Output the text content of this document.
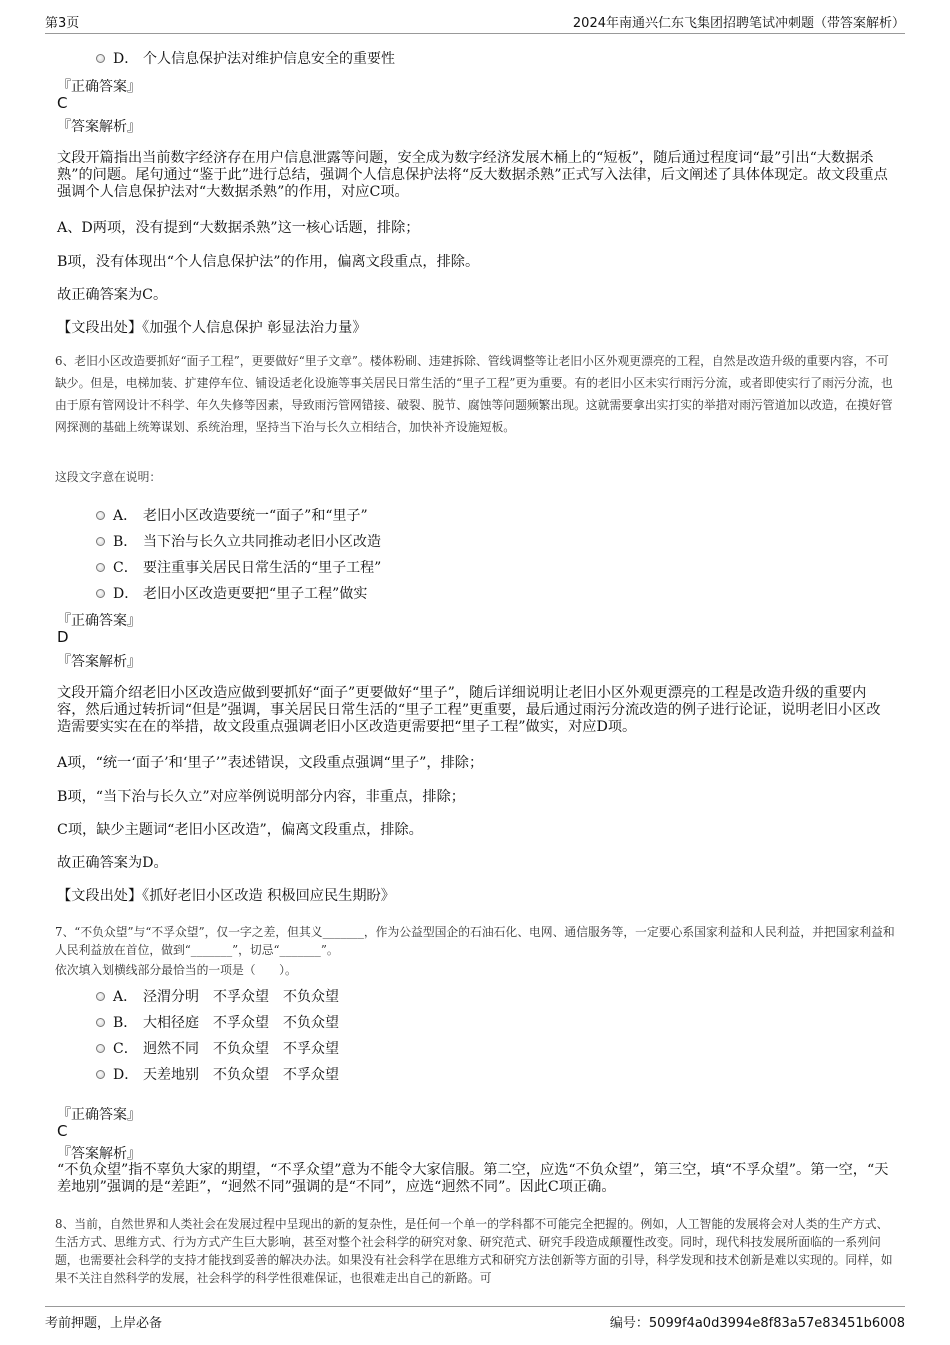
第3页	2024年南通兴仁东飞集团招聘笔试冲刺题（带答案解析）
D． 个人信息保护法对维护信息安全的重要性
『正确答案』
C
『答案解析』
文段开篇指出当前数字经济存在用户信息泄露等问题，安全成为数字经济发展木桶上的“短板”，随后通过程度词“最”引出“大数据杀熟”的问题。尾句通过“鉴于此”进行总结，强调个人信息保护法将“反大数据杀熟”正式写入法律，后文阐述了具体体现定。故文段重点强调个人信息保护法对“大数据杀熟”的作用，对应C项。
A、D两项，没有提到“大数据杀熟”这一核心话题，排除；
B项，没有体现出“个人信息保护法”的作用，偏离文段重点，排除。
故正确答案为C。
【文段出处】《加强个人信息保护 彰显法治力量》
6、老旧小区改造要抓好“面子工程”，更要做好“里子文章”。楼体粉刷、违建拆除、管线调整等让老旧小区外观更漂亮的工程，自然是改造升级的重要内容，不可缺少。但是，电梯加装、扩建停车位、铺设适老化设施等事关居民日常生活的“里子工程”更为重要。有的老旧小区未实行雨污分流，或者即使实行了雨污分流，也由于原有管网设计不科学、年久失修等因素，导致雨污管网错接、破裂、脱节、腐蚀等问题频繁出现。这就需要拿出实打实的举措对雨污管道加以改造，在摸好管网探测的基础上统筹谋划、系统治理，坚持当下治与长久立相结合，加快补齐设施短板。
这段文字意在说明：
A． 老旧小区改造要统一“面子”和“里子”
B． 当下治与长久立共同推动老旧小区改造
C． 要注重事关居民日常生活的“里子工程”
D． 老旧小区改造更要把“里子工程”做实
『正确答案』
D
『答案解析』
文段开篇介绍老旧小区改造应做到要抓好“面子”更要做好“里子”，随后详细说明让老旧小区外观更漂亮的工程是改造升级的重要内容，然后通过转折词“但是”强调，事关居民日常生活的“里子工程”更重要，最后通过雨污分流改造的例子进行论证，说明老旧小区改造需要实实在在的举措，故文段重点强调老旧小区改造更需要把“里子工程”做实，对应D项。
A项，“统一‘面子’和‘里子’”表述错误，文段重点强调“里子”，排除；
B项，“当下治与长久立”对应举例说明部分内容，非重点，排除；
C项，缺少主题词“老旧小区改造”，偏离文段重点，排除。
故正确答案为D。
【文段出处】《抓好老旧小区改造 积极回应民生期盼》
7、“不负众望”与“不孚众望”，仅一字之差，但其义_______，作为公益型国企的石油石化、电网、通信服务等，一定要心系国家利益和人民利益，并把国家利益和人民利益放在首位，做到“_______”，切忌“_______”。
依次填入划横线部分最恰当的一项是（　　）。
A． 泾渭分明　不孚众望　不负众望
B． 大相径庭　不孚众望　不负众望
C． 迥然不同　不负众望　不孚众望
D． 天差地别　不负众望　不孚众望
『正确答案』
C
『答案解析』
“不负众望”指不辜负大家的期望，“不孚众望”意为不能令大家信服。第二空，应选“不负众望”，第三空，填“不孚众望”。第一空，“天差地别”强调的是“差距”，“迥然不同”强调的是“不同”，应选“迥然不同”。因此C项正确。
8、当前，自然世界和人类社会在发展过程中呈现出的新的复杂性，是任何一个单一的学科都不可能完全把握的。例如，人工智能的发展将会对人类的生产方式、生活方式、思维方式、行为方式产生巨大影响，甚至对整个社会科学的研究对象、研究范式、研究手段造成颠覆性改变。同时，现代科技发展所面临的一系列问题，也需要社会科学的支持才能找到妥善的解决办法。如果没有社会科学在思维方式和研究方法创新等方面的引导，科学发现和技术创新是难以实现的。同样，如果不关注自然科学的发展，社会科学的科学性很难保证，也很难走出自己的新路。可
考前押题，上岸必备	编号：5099f4a0d3994e8f83a57e83451b6008
